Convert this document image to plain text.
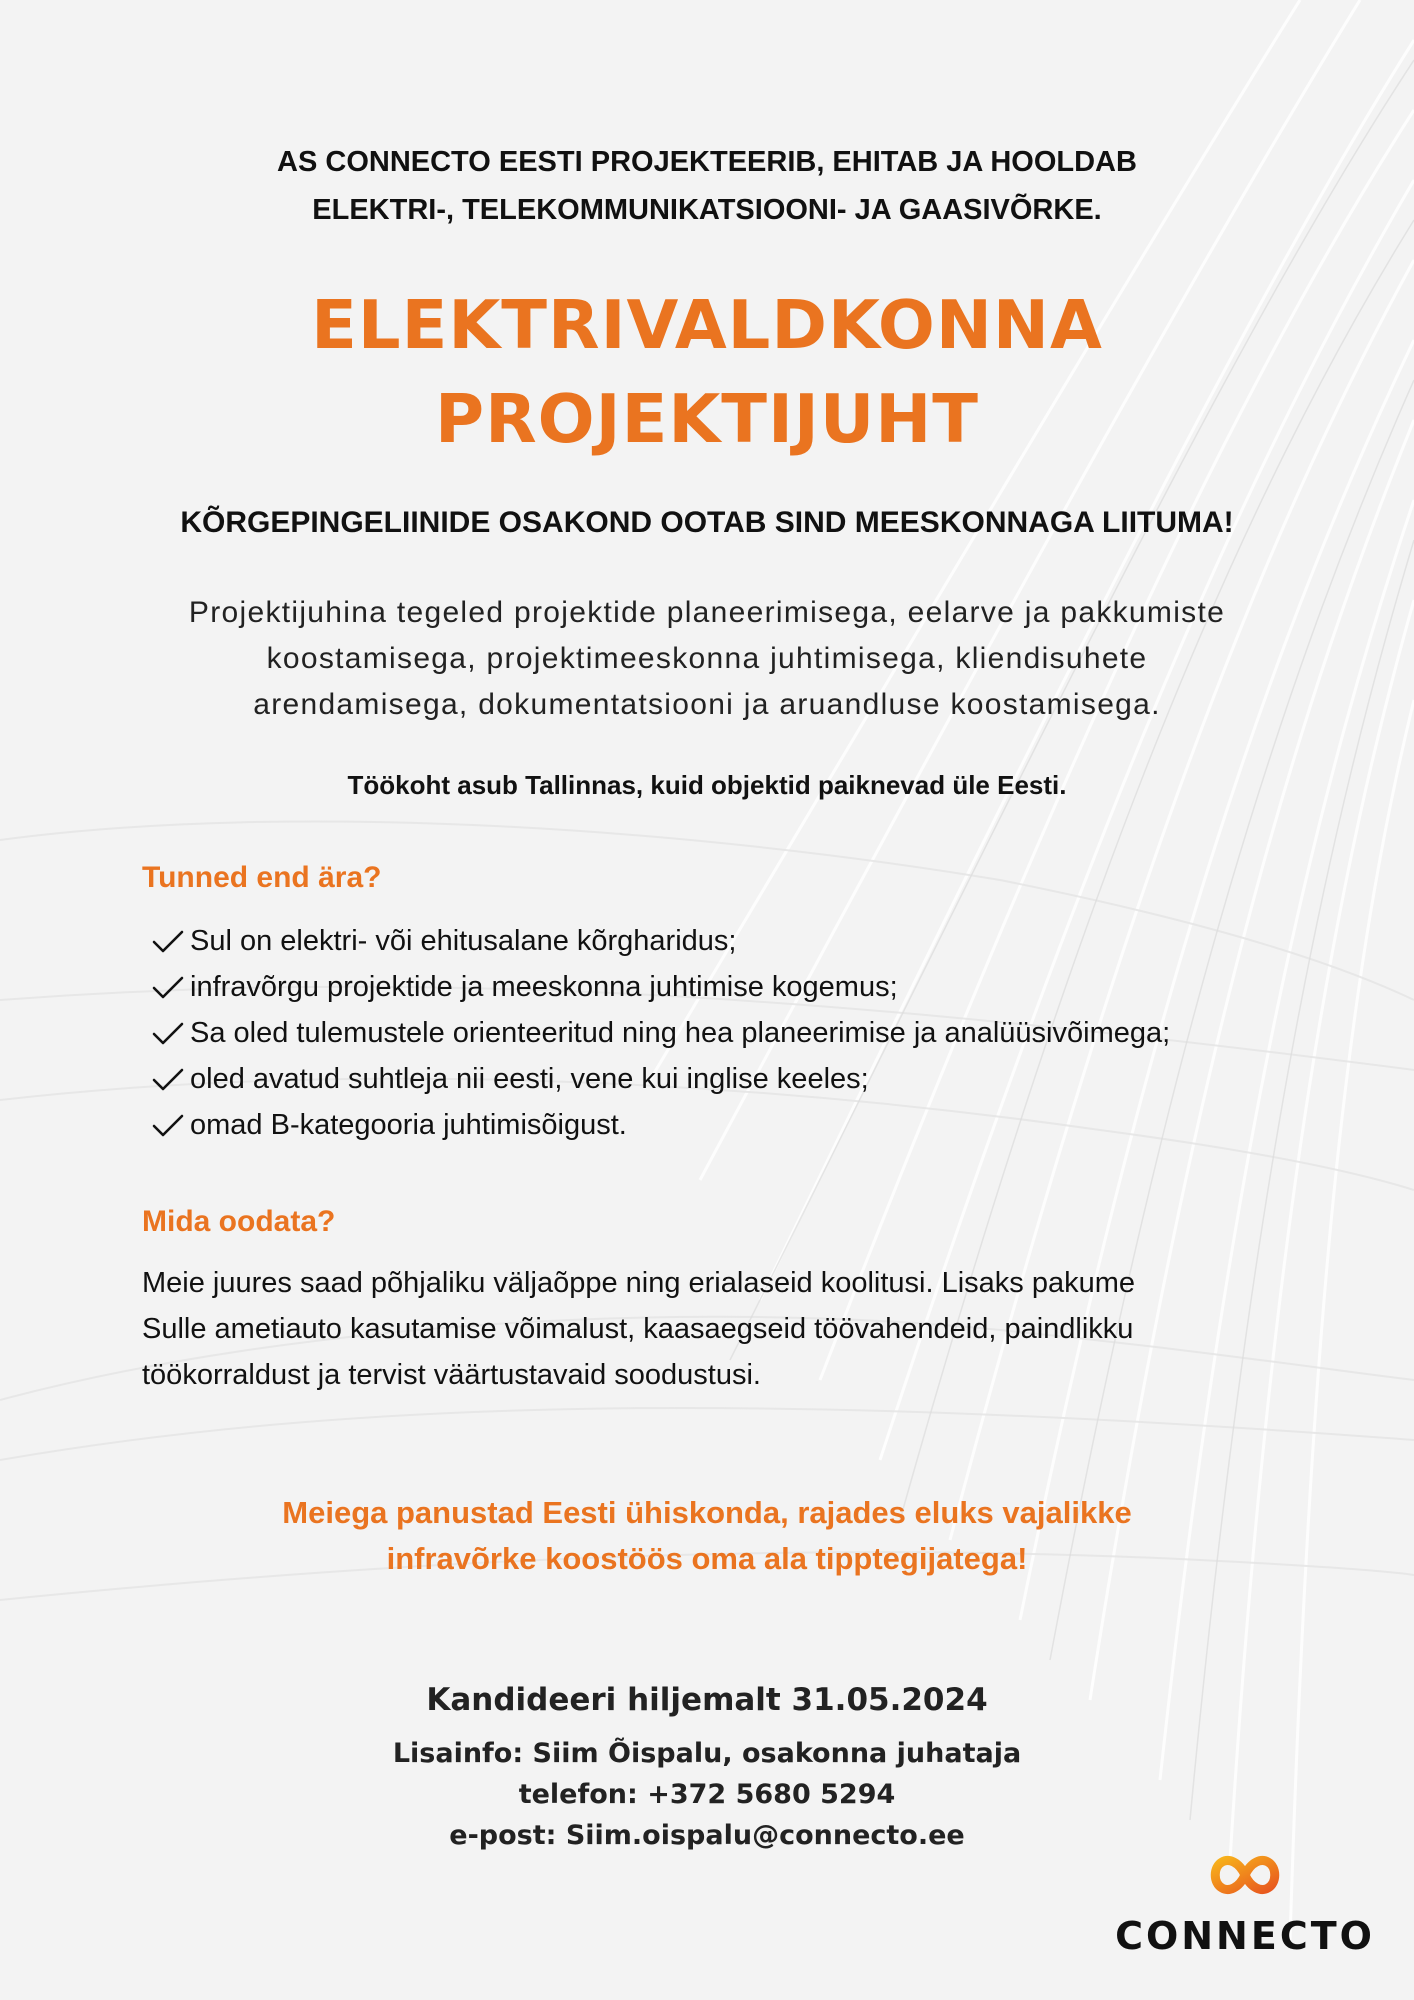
AS CONNECTO EESTI PROJEKTEERIB, EHITAB JA HOOLDAB
ELEKTRI-, TELEKOMMUNIKATSIOONI- JA GAASIVÕRKE.
ELEKTRIVALDKONNA
PROJEKTIJUHT
KÕRGEPINGELIINIDE OSAKOND OOTAB SIND MEESKONNAGA LIITUMA!
Projektijuhina tegeled projektide planeerimisega, eelarve ja pakkumiste
koostamisega, projektimeeskonna juhtimisega, kliendisuhete
arendamisega, dokumentatsiooni ja aruandluse koostamisega.
Töökoht asub Tallinnas, kuid objektid paiknevad üle Eesti.
Tunned end ära?
Sul on elektri- või ehitusalane kõrgharidus;
infravõrgu projektide ja meeskonna juhtimise kogemus;
Sa oled tulemustele orienteeritud ning hea planeerimise ja analüüsivõimega;
oled avatud suhtleja nii eesti, vene kui inglise keeles;
omad B-kategooria juhtimisõigust.
Mida oodata?
Meie juures saad põhjaliku väljaõppe ning erialaseid koolitusi. Lisaks pakume
Sulle ametiauto kasutamise võimalust, kaasaegseid töövahendeid, paindlikku
töökorraldust ja tervist väärtustavaid soodustusi.
Meiega panustad Eesti ühiskonda, rajades eluks vajalikke
infravõrke koostöös oma ala tipptegijatega!
Kandideeri hiljemalt 31.05.2024
Lisainfo: Siim Õispalu, osakonna juhataja
telefon: +372 5680 5294
e-post: Siim.oispalu@connecto.ee
CONNECTO
